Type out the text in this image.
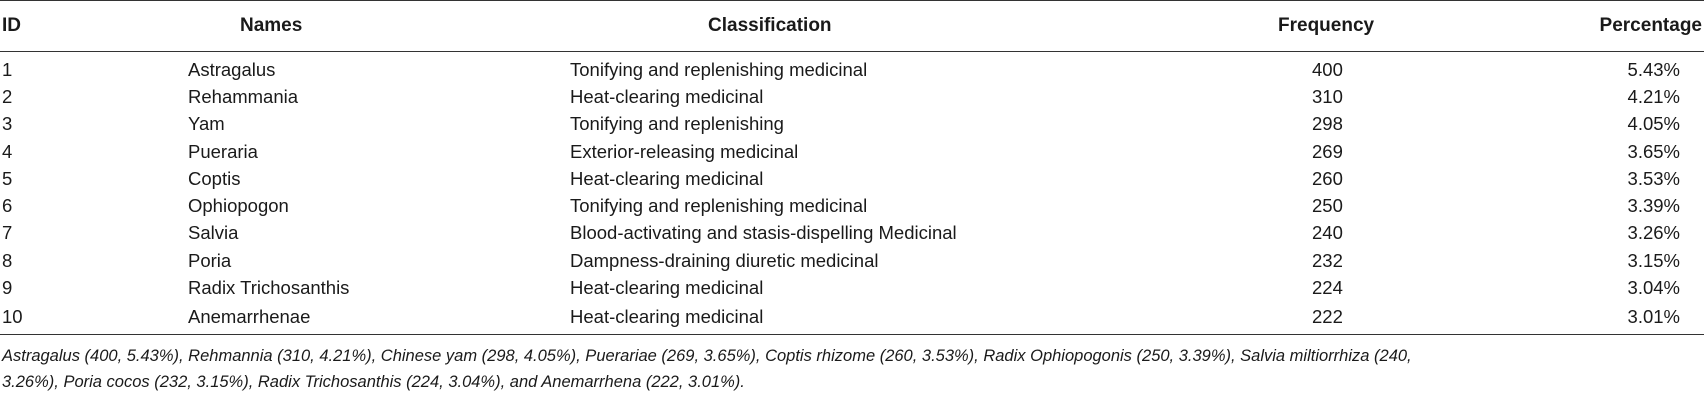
ID	Names	Classification	Frequency	Percentage
1	Astragalus	Tonifying and replenishing medicinal	400	5.43%
2	Rehammania	Heat-clearing medicinal	310	4.21%
3	Yam	Tonifying and replenishing	298	4.05%
4	Pueraria	Exterior-releasing medicinal	269	3.65%
5	Coptis	Heat-clearing medicinal	260	3.53%
6	Ophiopogon	Tonifying and replenishing medicinal	250	3.39%
7	Salvia	Blood-activating and stasis-dispelling Medicinal	240	3.26%
8	Poria	Dampness-draining diuretic medicinal	232	3.15%
9	Radix Trichosanthis	Heat-clearing medicinal	224	3.04%
10	Anemarrhenae	Heat-clearing medicinal	222	3.01%
Astragalus (400, 5.43%), Rehmannia (310, 4.21%), Chinese yam (298, 4.05%), Puerariae (269, 3.65%), Coptis rhizome (260, 3.53%), Radix Ophiopogonis (250, 3.39%), Salvia miltiorrhiza (240, 3.26%), Poria cocos (232, 3.15%), Radix Trichosanthis (224, 3.04%), and Anemarrhena (222, 3.01%).
